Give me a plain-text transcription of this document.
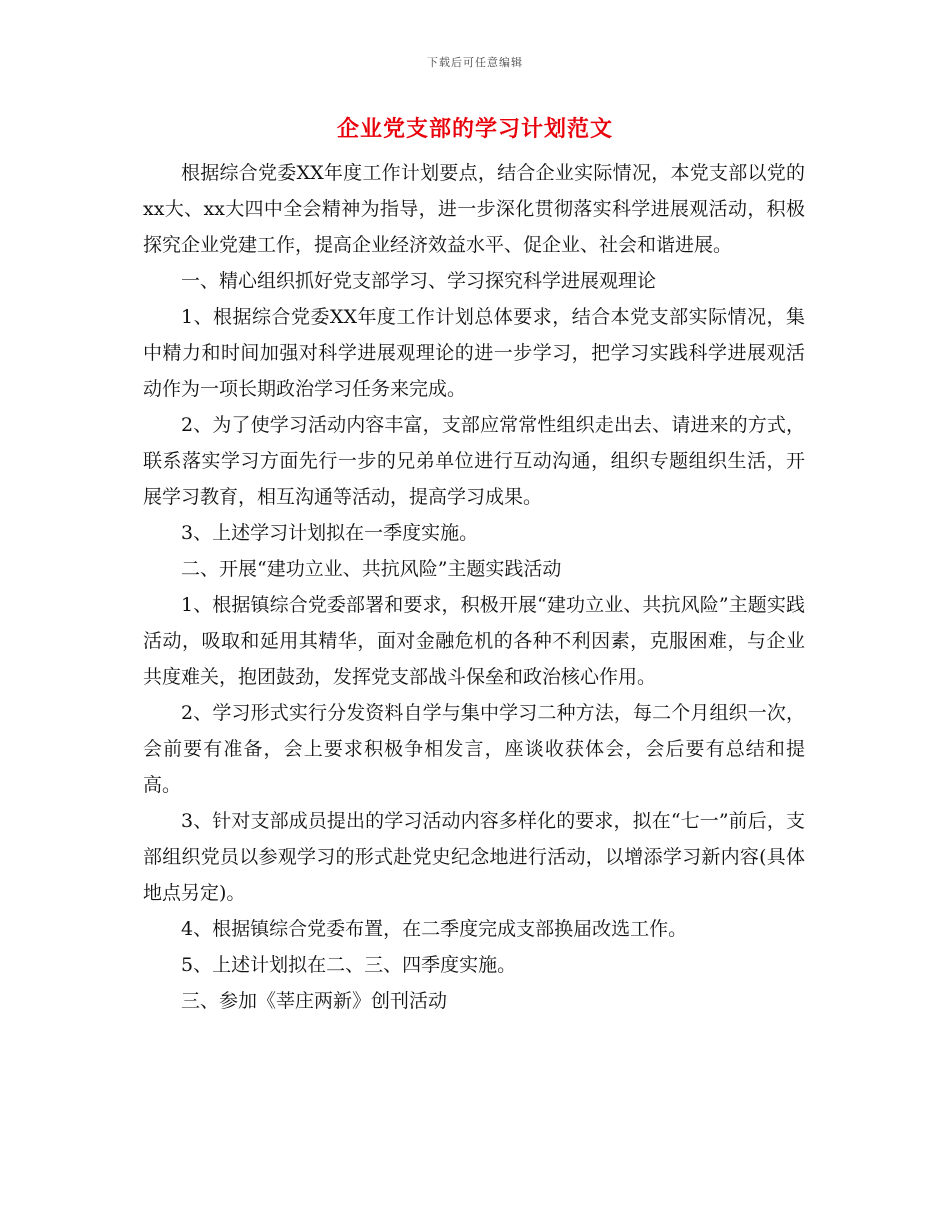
下载后可任意编辑
企业党支部的学习计划范文

根据综合党委XX年度工作计划要点，结合企业实际情况，本党支部以党的xx大、xx大四中全会精神为指导，进一步深化贯彻落实科学进展观活动，积极探究企业党建工作，提高企业经济效益水平、促企业、社会和谐进展。

一、精心组织抓好党支部学习、学习探究科学进展观理论

1、根据综合党委XX年度工作计划总体要求，结合本党支部实际情况，集中精力和时间加强对科学进展观理论的进一步学习，把学习实践科学进展观活动作为一项长期政治学习任务来完成。

2、为了使学习活动内容丰富，支部应常常性组织走出去、请进来的方式，联系落实学习方面先行一步的兄弟单位进行互动沟通，组织专题组织生活，开展学习教育，相互沟通等活动，提高学习成果。

3、上述学习计划拟在一季度实施。

二、开展“建功立业、共抗风险”主题实践活动

1、根据镇综合党委部署和要求，积极开展“建功立业、共抗风险”主题实践活动，吸取和延用其精华，面对金融危机的各种不利因素，克服困难，与企业共度难关，抱团鼓劲，发挥党支部战斗保垒和政治核心作用。

2、学习形式实行分发资料自学与集中学习二种方法，每二个月组织一次，会前要有准备，会上要求积极争相发言，座谈收获体会，会后要有总结和提高。

3、针对支部成员提出的学习活动内容多样化的要求，拟在“七一”前后，支部组织党员以参观学习的形式赴党史纪念地进行活动，以增添学习新内容(具体地点另定)。

4、根据镇综合党委布置，在二季度完成支部换届改选工作。

5、上述计划拟在二、三、四季度实施。

三、参加《莘庄两新》创刊活动
